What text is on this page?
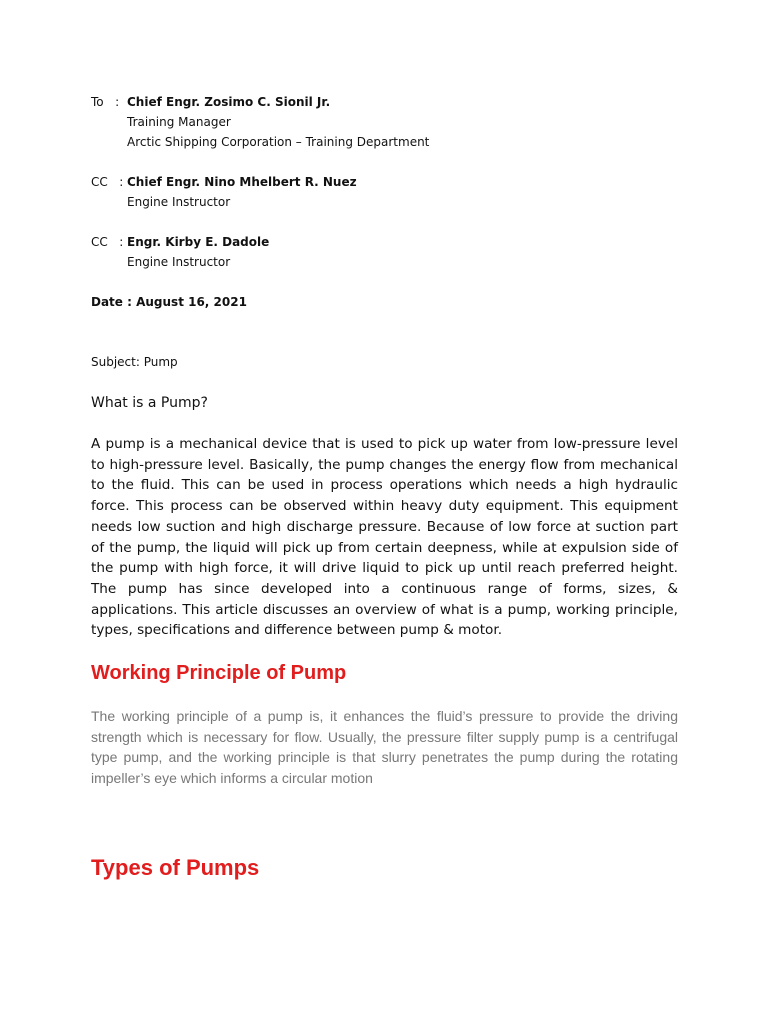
To   : Chief Engr. Zosimo C. Sionil Jr.
Training Manager
Arctic Shipping Corporation – Training Department
CC   : Chief Engr. Nino Mhelbert R. Nuez
Engine Instructor
CC   : Engr. Kirby E. Dadole
Engine Instructor
Date : August 16, 2021
Subject: Pump
What is a Pump?

A pump is a mechanical device that is used to pick up water from low-pressure level to high-pressure level. Basically, the pump changes the energy flow from mechanical to the fluid. This can be used in process operations which needs a high hydraulic force. This process can be observed within heavy duty equipment. This equipment needs low suction and high discharge pressure. Because of low force at suction part of the pump, the liquid will pick up from certain deepness, while at expulsion side of the pump with high force, it will drive liquid to pick up until reach preferred height. The pump has since developed into a continuous range of forms, sizes, & applications. This article discusses an overview of what is a pump, working principle, types, specifications and difference between pump & motor.

Working Principle of Pump

The working principle of a pump is, it enhances the fluid’s pressure to provide the driving strength which is necessary for flow. Usually, the pressure filter supply pump is a centrifugal type pump, and the working principle is that slurry penetrates the pump during the rotating impeller’s eye which informs a circular motion

Types of Pumps
